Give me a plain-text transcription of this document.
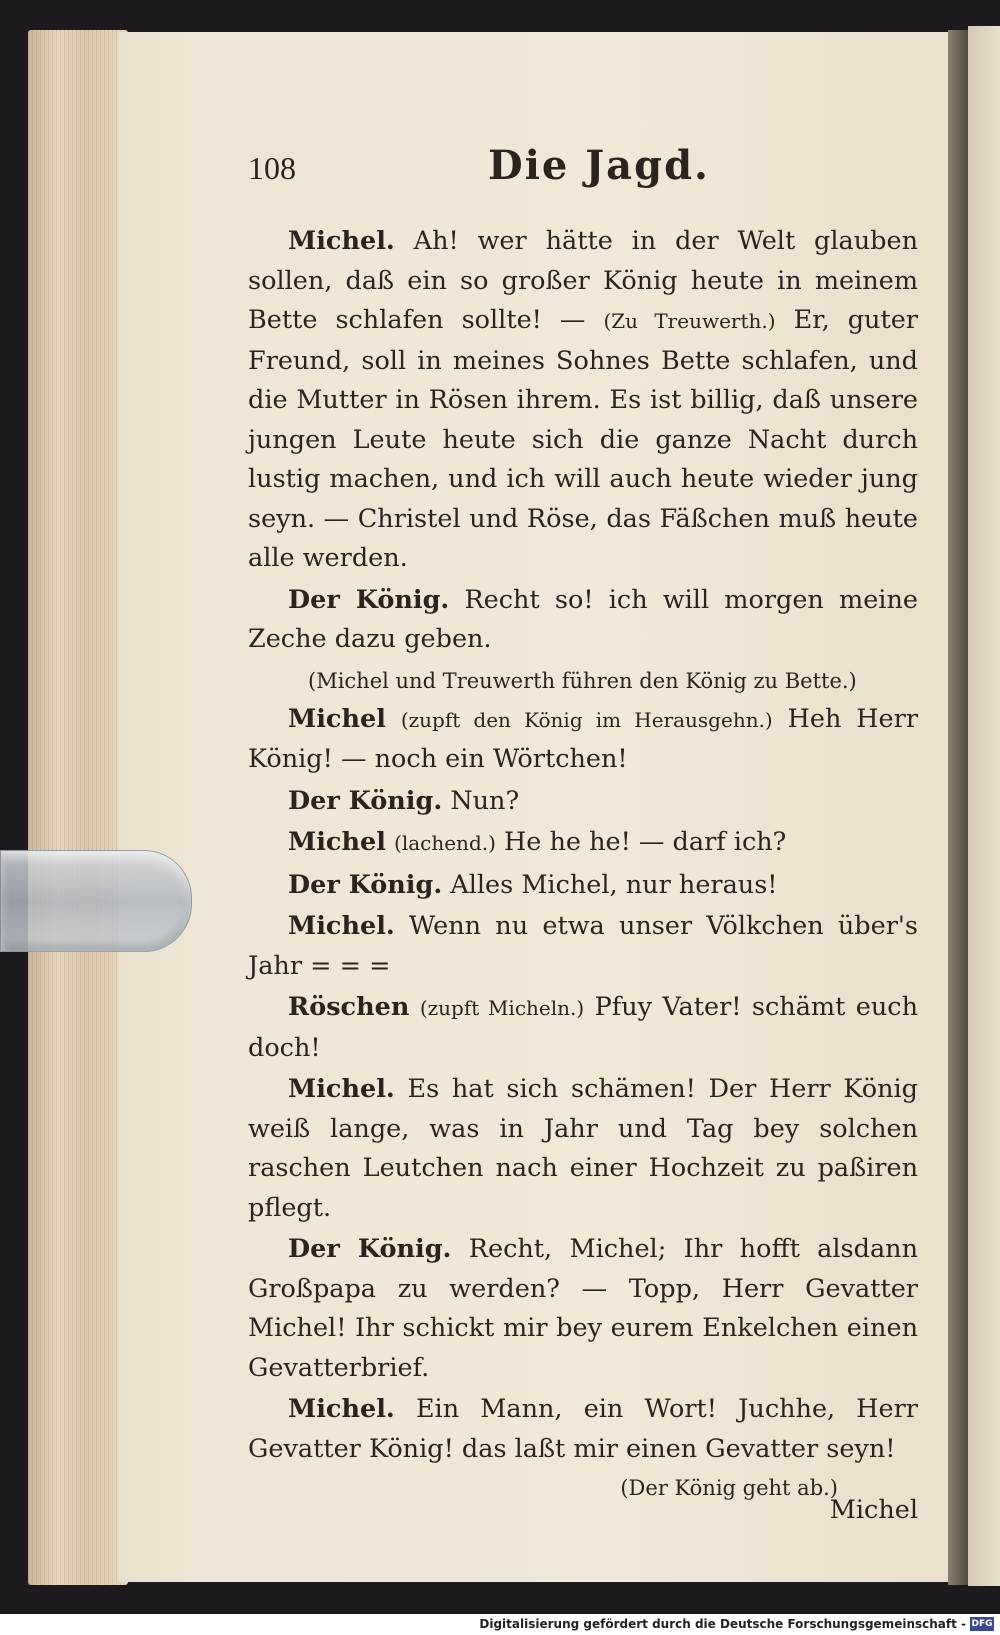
108	Die Jagd.

Michel. Ah! wer hätte in der Welt glauben sollen, daß ein so großer König heute in meinem Bette schlafen sollte! — (Zu Treuwerth.) Er, guter Freund, soll in meines Sohnes Bette schlafen, und die Mutter in Rösen ihrem. Es ist billig, daß unsere jungen Leute heute sich die ganze Nacht durch lustig machen, und ich will auch heute wieder jung seyn. — Christel und Röse, das Fäßchen muß heute alle werden.

Der König. Recht so! ich will morgen meine Zeche dazu geben.

(Michel und Treuwerth führen den König zu Bette.)

Michel (zupft den König im Herausgehn.) Heh Herr König! — noch ein Wörtchen!

Der König. Nun?

Michel (lachend.) He he he! — darf ich?

Der König. Alles Michel, nur heraus!

Michel. Wenn nu etwa unser Völkchen über's Jahr = = =

Röschen (zupft Micheln.) Pfuy Vater! schämt euch doch!

Michel. Es hat sich schämen! Der Herr König weiß lange, was in Jahr und Tag bey solchen raschen Leutchen nach einer Hochzeit zu paßiren pflegt.

Der König. Recht, Michel; Ihr hofft alsdann Großpapa zu werden? — Topp, Herr Gevatter Michel! Ihr schickt mir bey eurem Enkelchen einen Gevatterbrief.

Michel. Ein Mann, ein Wort! Juchhe, Herr Gevatter König! das laßt mir einen Gevatter seyn!

(Der König geht ab.)

Michel

Digitalisierung gefördert durch die Deutsche Forschungsgemeinschaft - DFG
